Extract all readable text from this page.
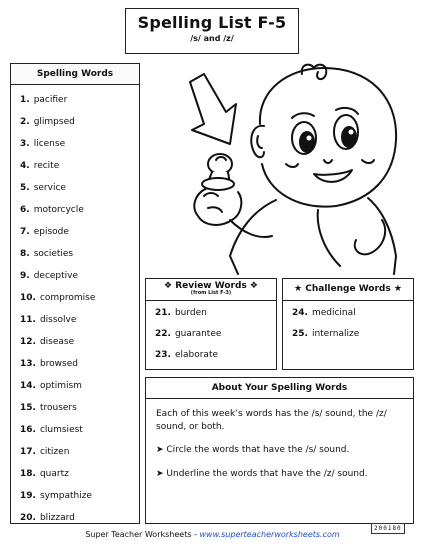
Spelling List F-5
/s/ and /z/
Spelling Words
1. pacifier
2. glimpsed
3. license
4. recite
5. service
6. motorcycle
7. episode
8. societies
9. deceptive
10. compromise
11. dissolve
12. disease
13. browsed
14. optimism
15. trousers
16. clumsiest
17. citizen
18. quartz
19. sympathize
20. blizzard
❖ Review Words ❖
(from List F-3)
21. burden
22. guarantee
23. elaborate
★ Challenge Words ★
24. medicinal
25. internalize
About Your Spelling Words
Each of this week’s words has the /s/ sound, the /z/ sound, or both.
➤ Circle the words that have the /s/ sound.
➤ Underline the words that have the /z/ sound.
Super Teacher Worksheets - www.superteacherworksheets.com
200180
